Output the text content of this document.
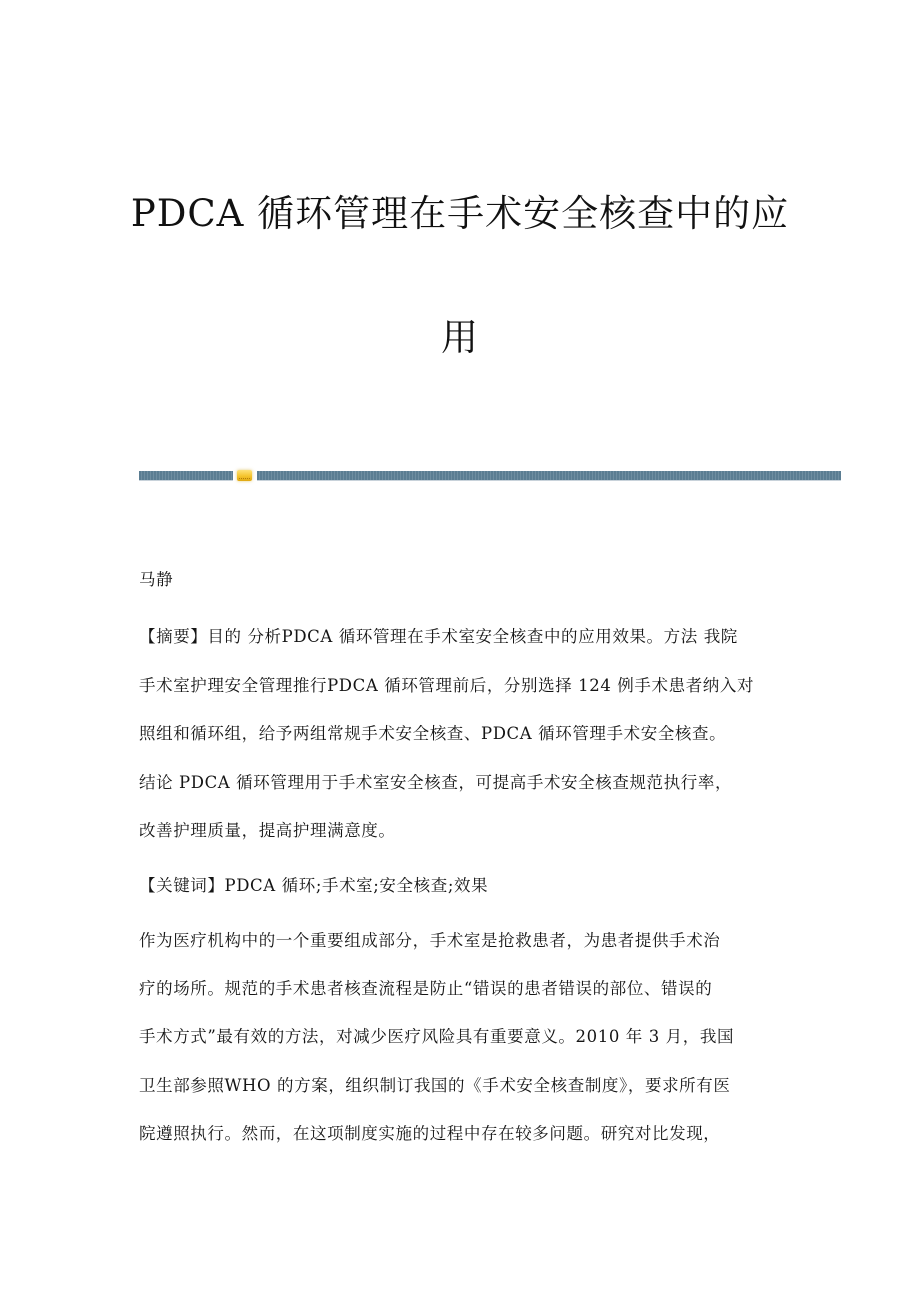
PDCA 循环管理在手术安全核查中的应
用
马静
【摘要】目的 分析PDCA 循环管理在手术室安全核查中的应用效果。方法 我院
手术室护理安全管理推行PDCA 循环管理前后，分别选择 124 例手术患者纳入对
照组和循环组，给予两组常规手术安全核查、PDCA 循环管理手术安全核查。
结论 PDCA 循环管理用于手术室安全核查，可提高手术安全核查规范执行率，
改善护理质量，提高护理满意度。
【关键词】PDCA 循环;手术室;安全核查;效果
作为医疗机构中的一个重要组成部分，手术室是抢救患者，为患者提供手术治
疗的场所。规范的手术患者核查流程是防止“错误的患者错误的部位、错误的
手术方式”最有效的方法，对减少医疗风险具有重要意义。2010 年 3 月，我国
卫生部参照WHO 的方案，组织制订我国的《手术安全核查制度》，要求所有医
院遵照执行。然而，在这项制度实施的过程中存在较多问题。研究对比发现，
